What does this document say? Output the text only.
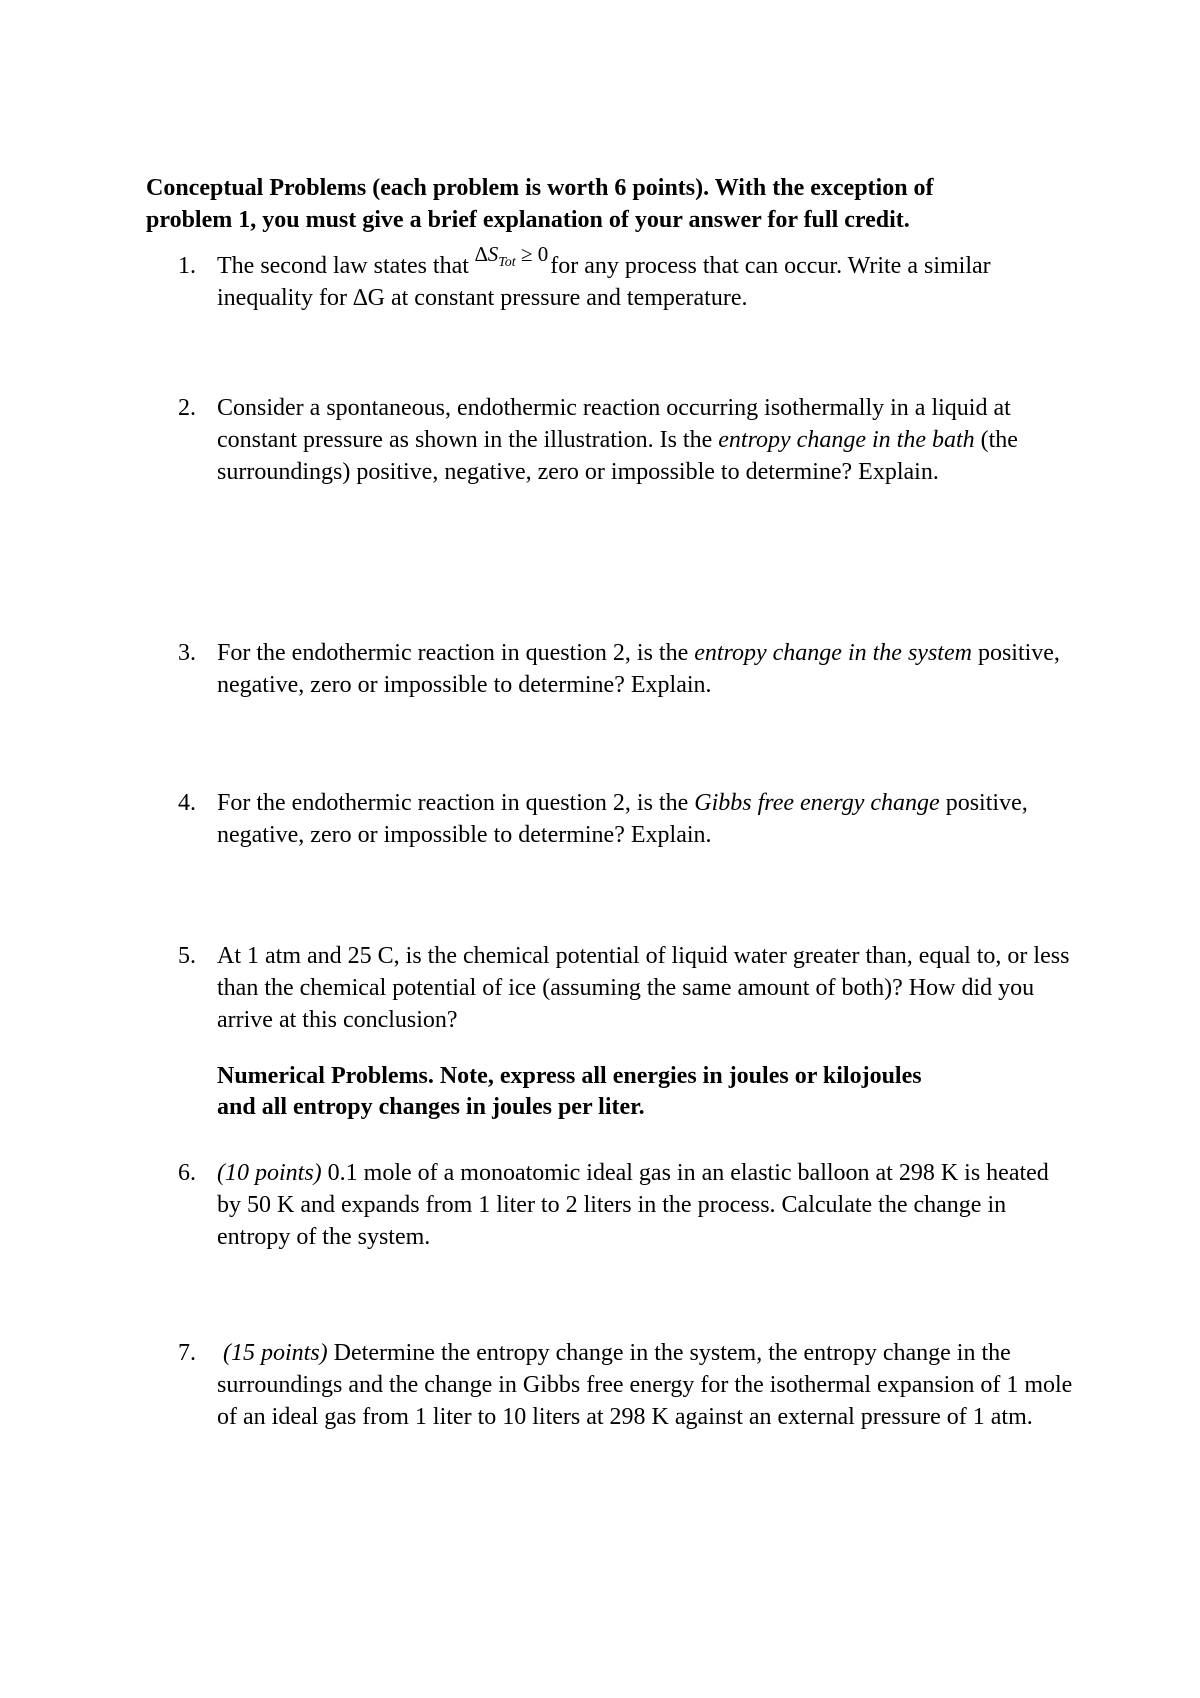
Conceptual Problems (each problem is worth 6 points). With the exception of
problem 1, you must give a brief explanation of your answer for full credit.
1. The second law states that $\Delta S_{Tot} \ge 0for$ any process that can occur. Write a similar inequality for ∆G at constant pressure and temperature.
2. Consider a spontaneous, endothermic reaction occurring isothermally in a liquid at constant pressure as shown in the illustration. Is the entropy change in the bath (the surroundings) positive, negative, zero or impossible to determine? Explain.
3. For the endothermic reaction in question 2, is the entropy change in the system positive, negative, zero or impossible to determine? Explain.
4. For the endothermic reaction in question 2, is the Gibbs free energy change positive, negative, zero or impossible to determine? Explain.
5. At 1 atm and 25 C, is the chemical potential of liquid water greater than, equal to, or less than the chemical potential of ice (assuming the same amount of both)? How did you arrive at this conclusion?
Numerical Problems. Note, express all energies in joules or kilojoules
and all entropy changes in joules per liter.
6. (10 points) 0.1 mole of a monoatomic ideal gas in an elastic balloon at 298 K is heated by 50 K and expands from 1 liter to 2 liters in the process. Calculate the change in entropy of the system.
7.	(15 points) Determine the entropy change in the system, the entropy change in the surroundings and the change in Gibbs free energy for the isothermal expansion of 1 mole of an ideal gas from 1 liter to 10 liters at 298 K against an external pressure of 1 atm.
